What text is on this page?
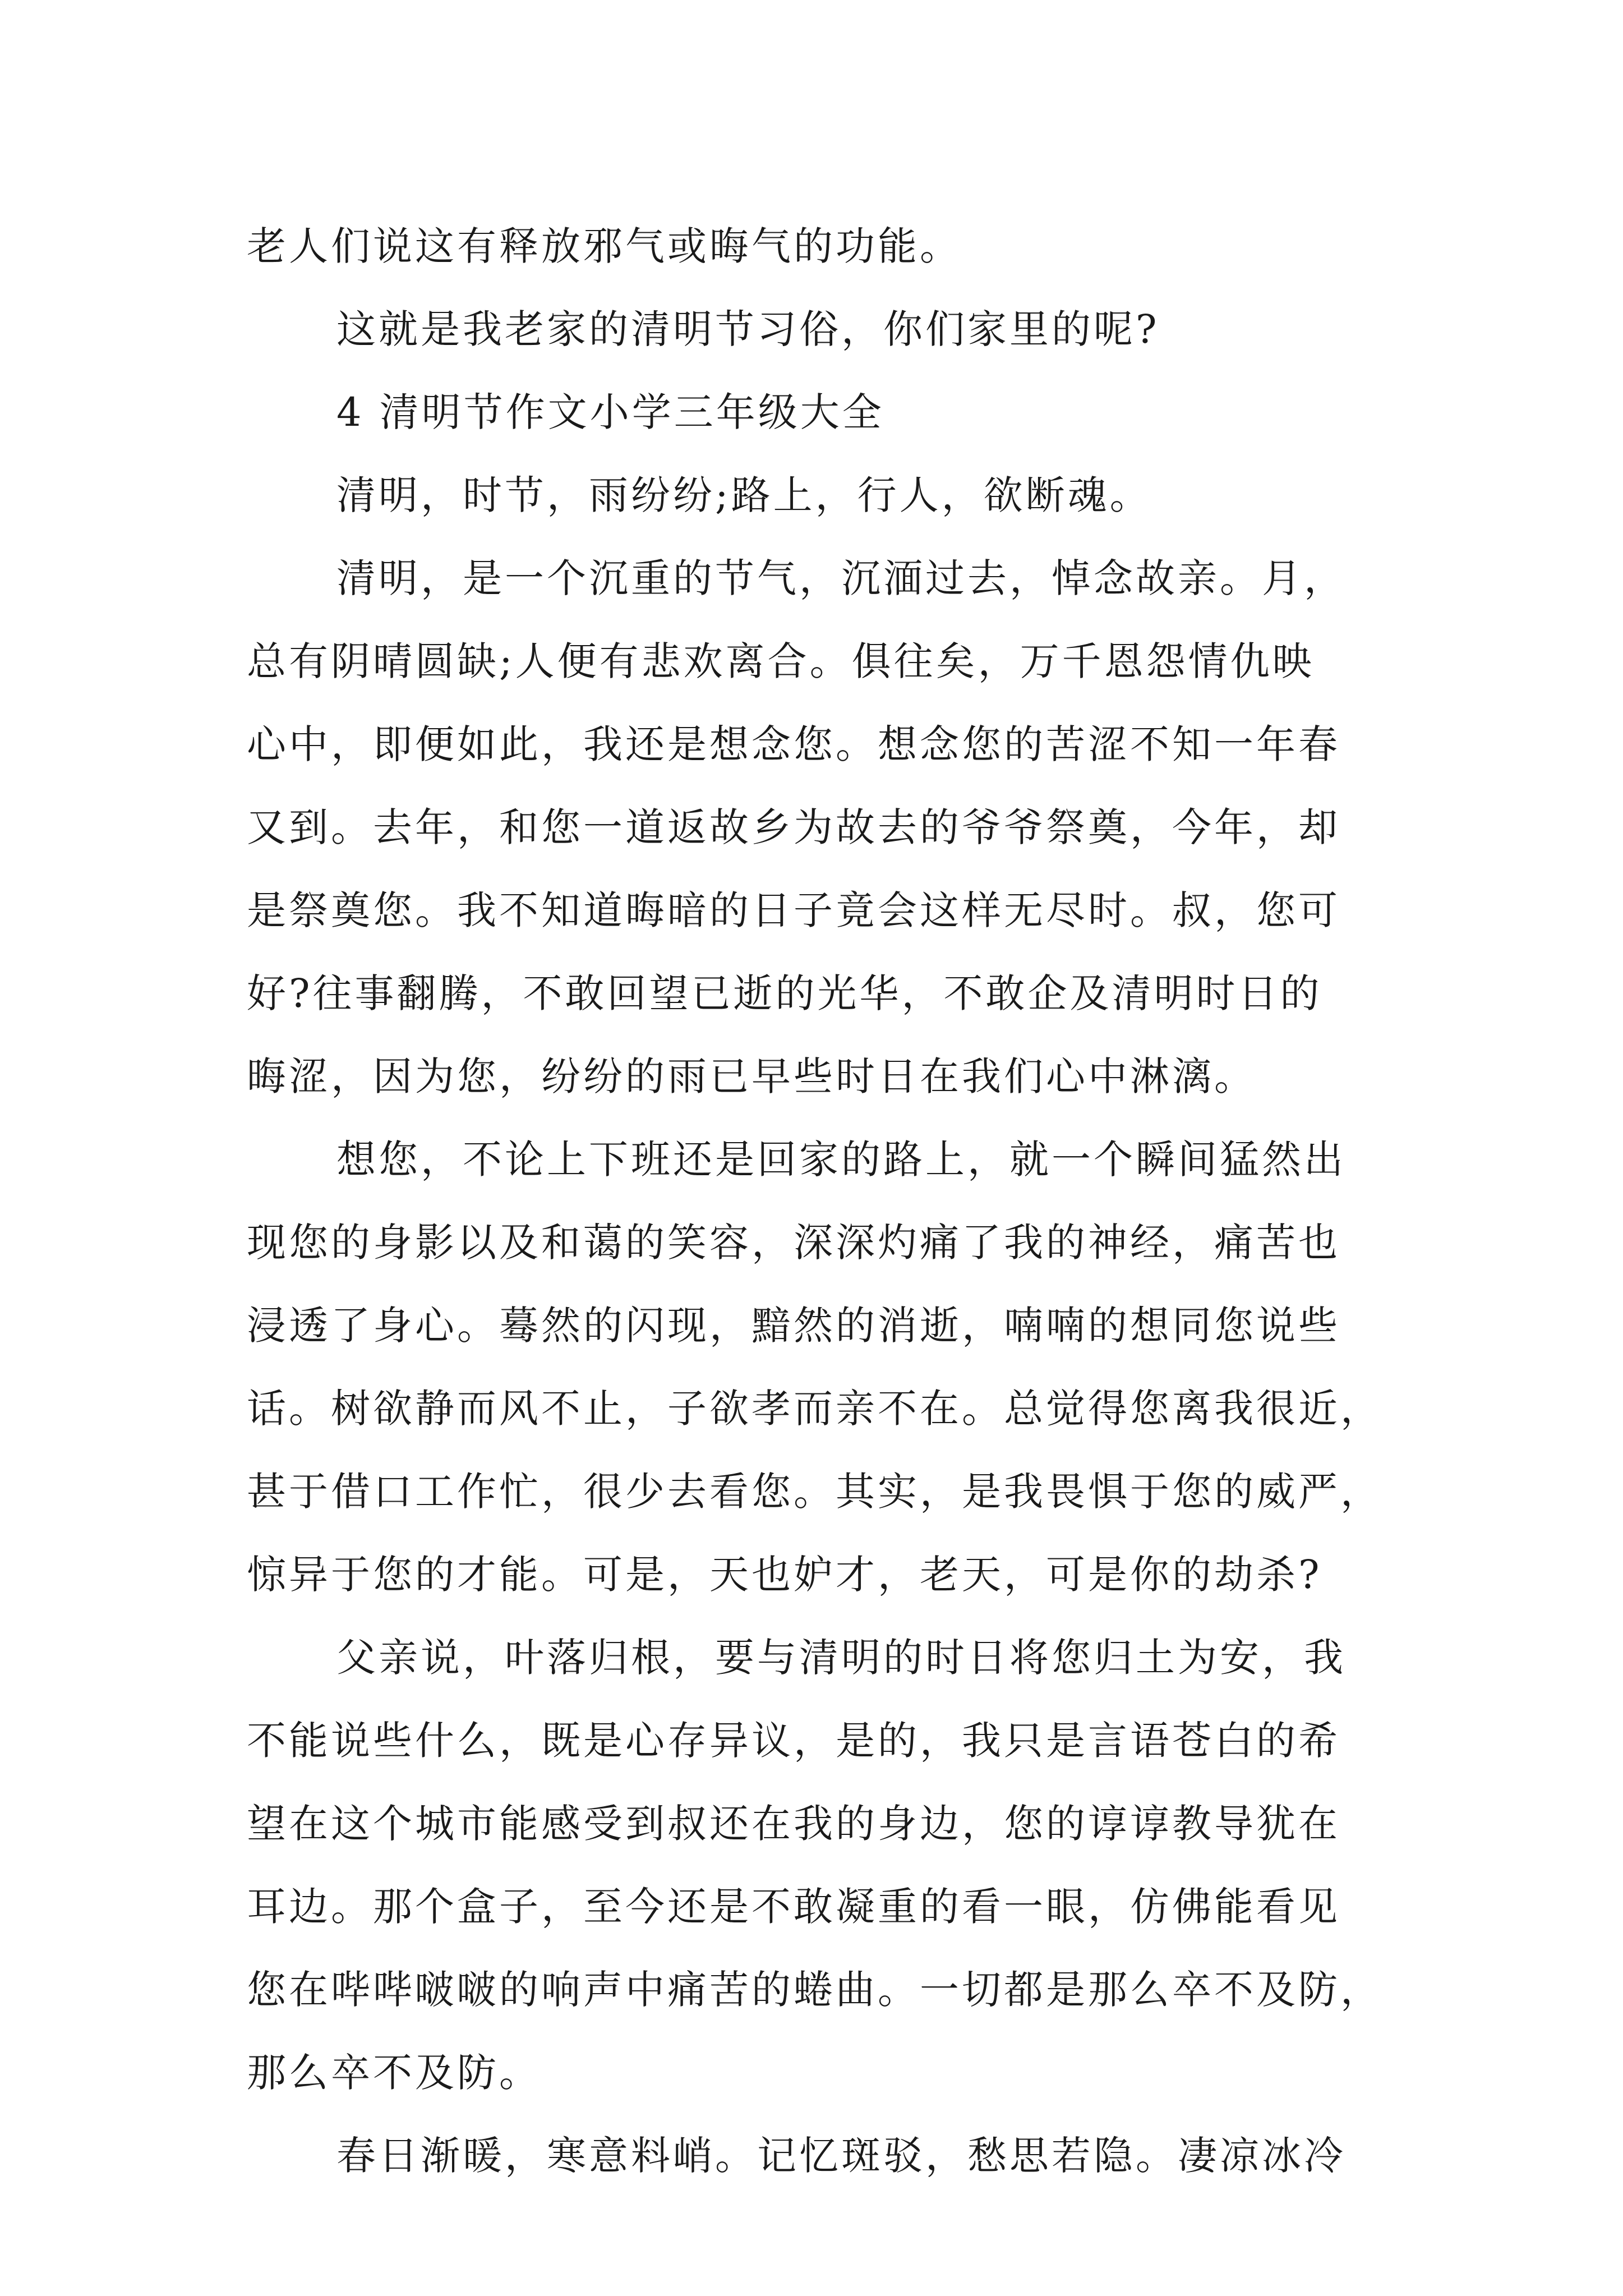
老人们说这有释放邪气或晦气的功能。
这就是我老家的清明节习俗，你们家里的呢?
4 清明节作文小学三年级大全
清明，时节，雨纷纷;路上，行人，欲断魂。
清明，是一个沉重的节气，沉湎过去，悼念故亲。月，
总有阴晴圆缺;人便有悲欢离合。俱往矣，万千恩怨情仇映
心中，即便如此，我还是想念您。想念您的苦涩不知一年春
又到。去年，和您一道返故乡为故去的爷爷祭奠，今年，却
是祭奠您。我不知道晦暗的日子竟会这样无尽时。叔，您可
好?往事翻腾，不敢回望已逝的光华，不敢企及清明时日的
晦涩，因为您，纷纷的雨已早些时日在我们心中淋漓。
想您，不论上下班还是回家的路上，就一个瞬间猛然出
现您的身影以及和蔼的笑容，深深灼痛了我的神经，痛苦也
浸透了身心。蓦然的闪现，黯然的消逝，喃喃的想同您说些
话。树欲静而风不止，子欲孝而亲不在。总觉得您离我很近，
甚于借口工作忙，很少去看您。其实，是我畏惧于您的威严，
惊异于您的才能。可是，天也妒才，老天，可是你的劫杀?
父亲说，叶落归根，要与清明的时日将您归土为安，我
不能说些什么，既是心存异议，是的，我只是言语苍白的希
望在这个城市能感受到叔还在我的身边，您的谆谆教导犹在
耳边。那个盒子，至今还是不敢凝重的看一眼，仿佛能看见
您在哔哔啵啵的响声中痛苦的蜷曲。一切都是那么卒不及防，
那么卒不及防。
春日渐暖，寒意料峭。记忆斑驳，愁思若隐。凄凉冰冷
